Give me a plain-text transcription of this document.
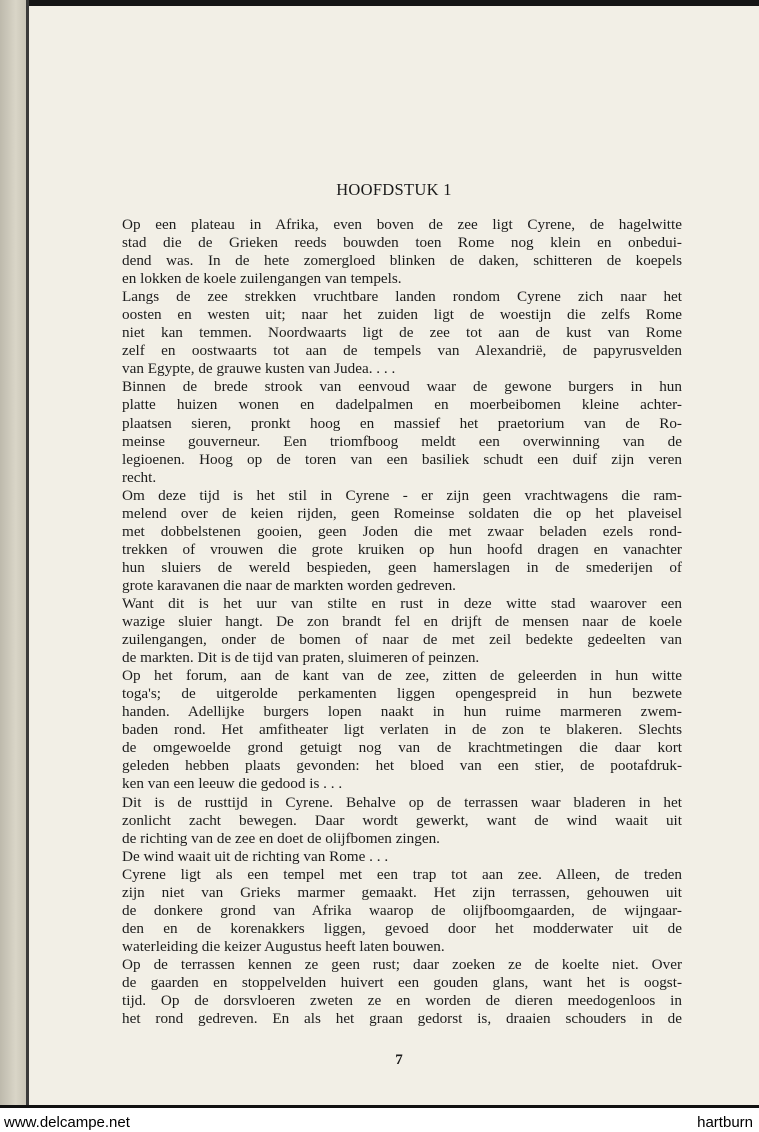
HOOFDSTUK 1
Op een plateau in Afrika, even boven de zee ligt Cyrene, de hagelwitte
stad die de Grieken reeds bouwden toen Rome nog klein en onbedui-
dend was. In de hete zomergloed blinken de daken, schitteren de koepels
en lokken de koele zuilengangen van tempels.
Langs de zee strekken vruchtbare landen rondom Cyrene zich naar het
oosten en westen uit; naar het zuiden ligt de woestijn die zelfs Rome
niet kan temmen. Noordwaarts ligt de zee tot aan de kust van Rome
zelf en oostwaarts tot aan de tempels van Alexandrië, de papyrusvelden
van Egypte, de grauwe kusten van Judea. . . .
Binnen de brede strook van eenvoud waar de gewone burgers in hun
platte huizen wonen en dadelpalmen en moerbeibomen kleine achter-
plaatsen sieren, pronkt hoog en massief het praetorium van de Ro-
meinse gouverneur. Een triomfboog meldt een overwinning van de
legioenen. Hoog op de toren van een basiliek schudt een duif zijn veren
recht.
Om deze tijd is het stil in Cyrene - er zijn geen vrachtwagens die ram-
melend over de keien rijden, geen Romeinse soldaten die op het plaveisel
met dobbelstenen gooien, geen Joden die met zwaar beladen ezels rond-
trekken of vrouwen die grote kruiken op hun hoofd dragen en vanachter
hun sluiers de wereld bespieden, geen hamerslagen in de smederijen of
grote karavanen die naar de markten worden gedreven.
Want dit is het uur van stilte en rust in deze witte stad waarover een
wazige sluier hangt. De zon brandt fel en drijft de mensen naar de koele
zuilengangen, onder de bomen of naar de met zeil bedekte gedeelten van
de markten. Dit is de tijd van praten, sluimeren of peinzen.
Op het forum, aan de kant van de zee, zitten de geleerden in hun witte
toga's; de uitgerolde perkamenten liggen opengespreid in hun bezwete
handen. Adellijke burgers lopen naakt in hun ruime marmeren zwem-
baden rond. Het amfitheater ligt verlaten in de zon te blakeren. Slechts
de omgewoelde grond getuigt nog van de krachtmetingen die daar kort
geleden hebben plaats gevonden: het bloed van een stier, de pootafdruk-
ken van een leeuw die gedood is . . .
Dit is de rusttijd in Cyrene. Behalve op de terrassen waar bladeren in het
zonlicht zacht bewegen. Daar wordt gewerkt, want de wind waait uit
de richting van de zee en doet de olijfbomen zingen.
De wind waait uit de richting van Rome . . .
Cyrene ligt als een tempel met een trap tot aan zee. Alleen, de treden
zijn niet van Grieks marmer gemaakt. Het zijn terrassen, gehouwen uit
de donkere grond van Afrika waarop de olijfboomgaarden, de wijngaar-
den en de korenakkers liggen, gevoed door het modderwater uit de
waterleiding die keizer Augustus heeft laten bouwen.
Op de terrassen kennen ze geen rust; daar zoeken ze de koelte niet. Over
de gaarden en stoppelvelden huivert een gouden glans, want het is oogst-
tijd. Op de dorsvloeren zweten ze en worden de dieren meedogenloos in
het rond gedreven. En als het graan gedorst is, draaien schouders in de
7
www.delcampe.net	hartburn
